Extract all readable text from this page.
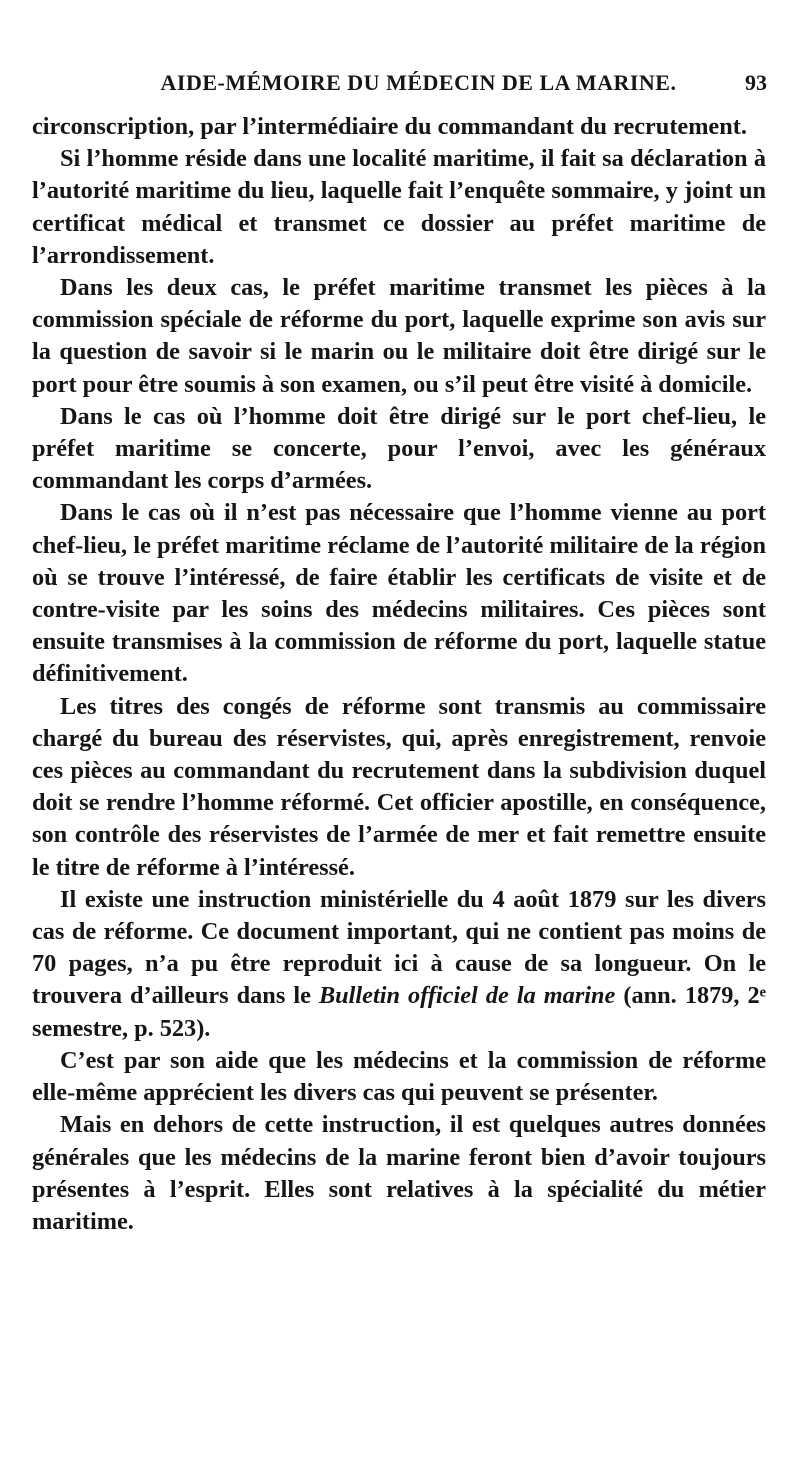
AIDE-MÉMOIRE DU MÉDECIN DE LA MARINE.	93

circonscription, par l’intermédiaire du commandant du recrutement.

Si l’homme réside dans une localité maritime, il fait sa déclaration à l’autorité maritime du lieu, laquelle fait l’enquête sommaire, y joint un certificat médical et transmet ce dossier au préfet maritime de l’arrondissement.

Dans les deux cas, le préfet maritime transmet les pièces à la commission spéciale de réforme du port, laquelle exprime son avis sur la question de savoir si le marin ou le militaire doit être dirigé sur le port pour être soumis à son examen, ou s’il peut être visité à domicile.

Dans le cas où l’homme doit être dirigé sur le port chef-lieu, le préfet maritime se concerte, pour l’envoi, avec les généraux commandant les corps d’armées.

Dans le cas où il n’est pas nécessaire que l’homme vienne au port chef-lieu, le préfet maritime réclame de l’autorité militaire de la région où se trouve l’intéressé, de faire établir les certificats de visite et de contre-visite par les soins des médecins militaires. Ces pièces sont ensuite transmises à la commission de réforme du port, laquelle statue définitivement.

Les titres des congés de réforme sont transmis au commissaire chargé du bureau des réservistes, qui, après enregistrement, renvoie ces pièces au commandant du recrutement dans la subdivision duquel doit se rendre l’homme réformé. Cet officier apostille, en conséquence, son contrôle des réservistes de l’armée de mer et fait remettre ensuite le titre de réforme à l’intéressé.

Il existe une instruction ministérielle du 4 août 1879 sur les divers cas de réforme. Ce document important, qui ne contient pas moins de 70 pages, n’a pu être reproduit ici à cause de sa longueur. On le trouvera d’ailleurs dans le Bulletin officiel de la marine (ann. 1879, 2ᵉ semestre, p. 523).

C’est par son aide que les médecins et la commission de réforme elle-même apprécient les divers cas qui peuvent se présenter.

Mais en dehors de cette instruction, il est quelques autres données générales que les médecins de la marine feront bien d’avoir toujours présentes à l’esprit. Elles sont relatives à la spécialité du métier maritime.
